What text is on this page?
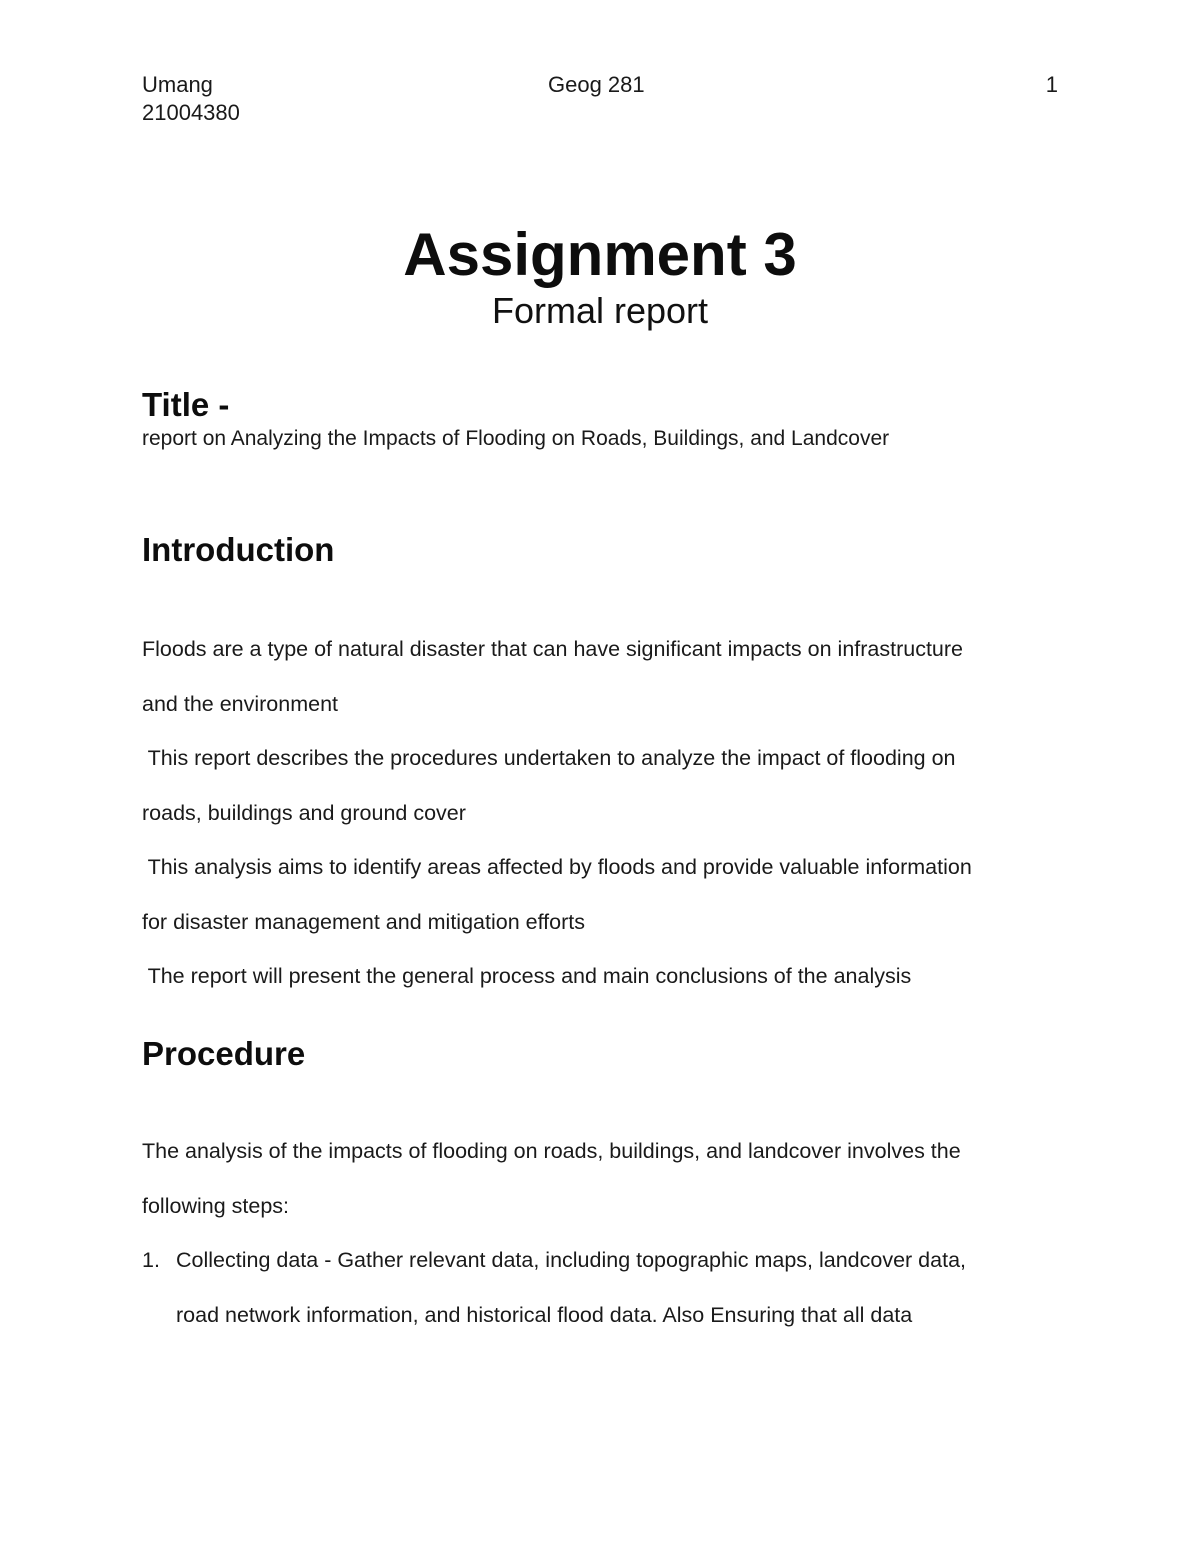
Umang
21004380
Geog 281	1
Assignment 3
Formal report
Title -
report on Analyzing the Impacts of Flooding on Roads, Buildings, and Landcover
Introduction
Floods are a type of natural disaster that can have significant impacts on infrastructure
and the environment
This report describes the procedures undertaken to analyze the impact of flooding on
roads, buildings and ground cover
This analysis aims to identify areas affected by floods and provide valuable information
for disaster management and mitigation efforts
The report will present the general process and main conclusions of the analysis
Procedure
The analysis of the impacts of flooding on roads, buildings, and landcover involves the
following steps:
1. Collecting data - Gather relevant data, including topographic maps, landcover data,
road network information, and historical flood data. Also Ensuring that all data
